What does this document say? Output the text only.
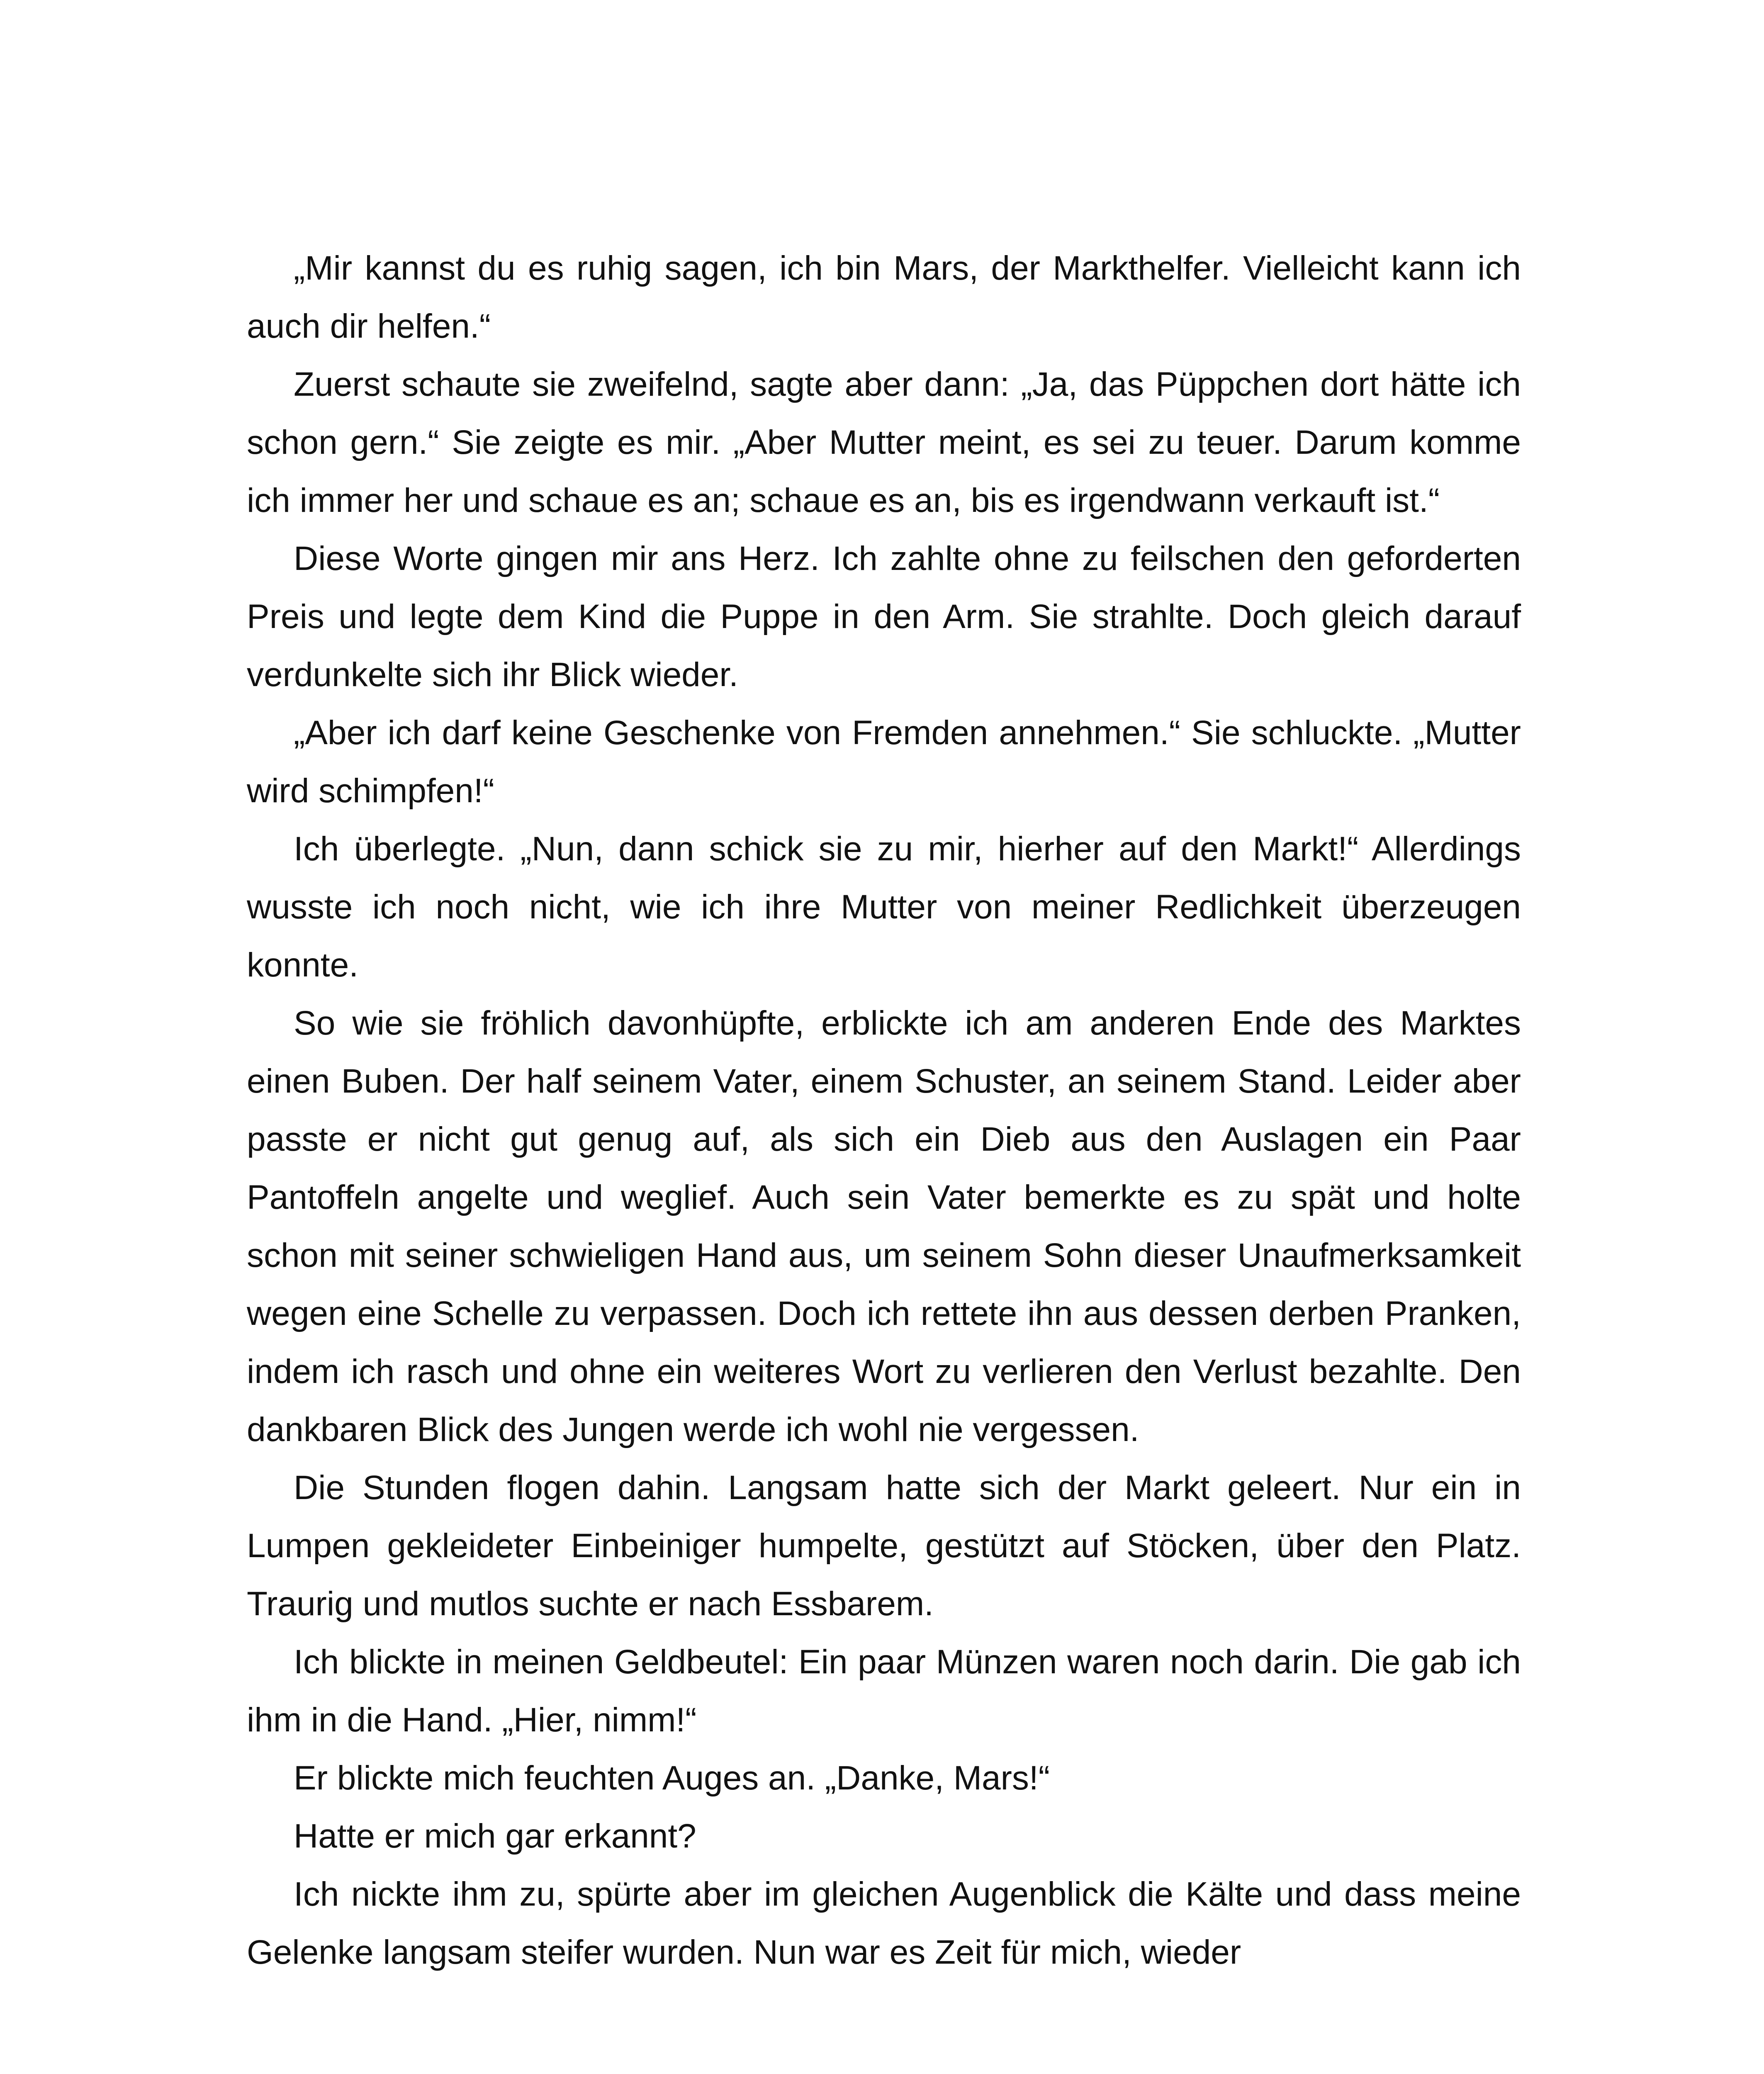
„Mir kannst du es ruhig sagen, ich bin Mars, der Markthelfer. Vielleicht kann ich auch dir helfen.“

Zuerst schaute sie zweifelnd, sagte aber dann: „Ja, das Püppchen dort hätte ich schon gern.“ Sie zeigte es mir. „Aber Mutter meint, es sei zu teuer. Darum komme ich immer her und schaue es an; schaue es an, bis es irgendwann verkauft ist.“

Diese Worte gingen mir ans Herz. Ich zahlte ohne zu feilschen den geforderten Preis und legte dem Kind die Puppe in den Arm. Sie strahlte. Doch gleich darauf verdunkelte sich ihr Blick wieder.

„Aber ich darf keine Geschenke von Fremden annehmen.“ Sie schluckte. „Mutter wird schimpfen!“

Ich überlegte. „Nun, dann schick sie zu mir, hierher auf den Markt!“ Allerdings wusste ich noch nicht, wie ich ihre Mutter von meiner Redlichkeit überzeugen konnte.

So wie sie fröhlich davonhüpfte, erblickte ich am anderen Ende des Marktes einen Buben. Der half seinem Vater, einem Schuster, an seinem Stand. Leider aber passte er nicht gut genug auf, als sich ein Dieb aus den Auslagen ein Paar Pantoffeln angelte und weglief. Auch sein Vater bemerkte es zu spät und holte schon mit seiner schwieligen Hand aus, um seinem Sohn dieser Unaufmerksamkeit wegen eine Schelle zu verpassen. Doch ich rettete ihn aus dessen derben Pranken, indem ich rasch und ohne ein weiteres Wort zu verlieren den Verlust bezahlte. Den dankbaren Blick des Jungen werde ich wohl nie vergessen.

Die Stunden flogen dahin. Langsam hatte sich der Markt geleert. Nur ein in Lumpen gekleideter Einbeiniger humpelte, gestützt auf Stöcken, über den Platz. Traurig und mutlos suchte er nach Essbarem.

Ich blickte in meinen Geldbeutel: Ein paar Münzen waren noch darin. Die gab ich ihm in die Hand. „Hier, nimm!“

Er blickte mich feuchten Auges an. „Danke, Mars!“

Hatte er mich gar erkannt?

Ich nickte ihm zu, spürte aber im gleichen Augenblick die Kälte und dass meine Gelenke langsam steifer wurden. Nun war es Zeit für mich, wieder
